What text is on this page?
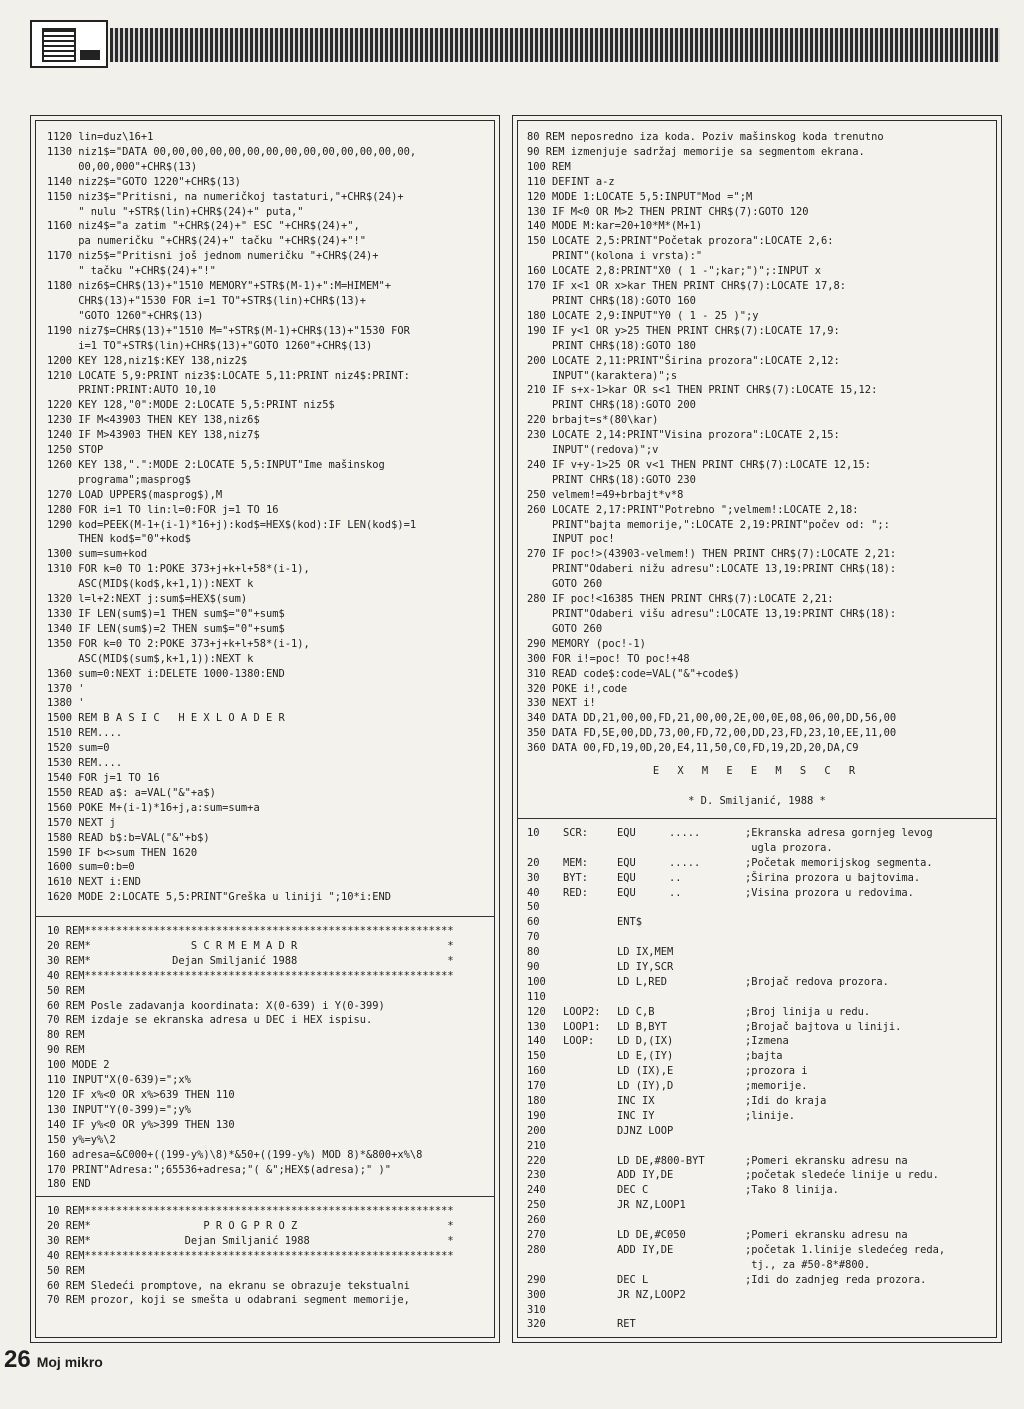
1120 lin=duz\16+1
1130 niz1$="DATA 00,00,00,00,00,00,00,00,00,00,00,00,00,00,
00,00,000"+CHR$(13)
1140 niz2$="GOTO 1220"+CHR$(13)
1150 niz3$="Pritisni, na numeričkoj tastaturi,"+CHR$(24)+
" nulu "+STR$(lin)+CHR$(24)+" puta,"
1160 niz4$="a zatim "+CHR$(24)+" ESC "+CHR$(24)+",
pa numeričku "+CHR$(24)+" tačku "+CHR$(24)+"!"
1170 niz5$="Pritisni još jednom numeričku "+CHR$(24)+
" tačku "+CHR$(24)+"!"
1180 niz6$=CHR$(13)+"1510 MEMORY"+STR$(M-1)+":M=HIMEM"+
CHR$(13)+"1530 FOR i=1 TO"+STR$(lin)+CHR$(13)+
"GOTO 1260"+CHR$(13)
1190 niz7$=CHR$(13)+"1510 M="+STR$(M-1)+CHR$(13)+"1530 FOR
i=1 TO"+STR$(lin)+CHR$(13)+"GOTO 1260"+CHR$(13)
1200 KEY 128,niz1$:KEY 138,niz2$
1210 LOCATE 5,9:PRINT niz3$:LOCATE 5,11:PRINT niz4$:PRINT:
PRINT:PRINT:AUTO 10,10
1220 KEY 128,"0":MODE 2:LOCATE 5,5:PRINT niz5$
1230 IF M<43903 THEN KEY 138,niz6$
1240 IF M>43903 THEN KEY 138,niz7$
1250 STOP
1260 KEY 138,".":MODE 2:LOCATE 5,5:INPUT"Ime mašinskog
programa";masprog$
1270 LOAD UPPER$(masprog$),M
1280 FOR i=1 TO lin:l=0:FOR j=1 TO 16
1290 kod=PEEK(M-1+(i-1)*16+j):kod$=HEX$(kod):IF LEN(kod$)=1
THEN kod$="0"+kod$
1300 sum=sum+kod
1310 FOR k=0 TO 1:POKE 373+j+k+l+58*(i-1),
ASC(MID$(kod$,k+1,1)):NEXT k
1320 l=l+2:NEXT j:sum$=HEX$(sum)
1330 IF LEN(sum$)=1 THEN sum$="0"+sum$
1340 IF LEN(sum$)=2 THEN sum$="0"+sum$
1350 FOR k=0 TO 2:POKE 373+j+k+l+58*(i-1),
ASC(MID$(sum$,k+1,1)):NEXT k
1360 sum=0:NEXT i:DELETE 1000-1380:END
1370 '
1380 '
1500 REM B A S I C   H E X L O A D E R
1510 REM....
1520 sum=0
1530 REM....
1540 FOR j=1 TO 16
1550 READ a$: a=VAL("&"+a$)
1560 POKE M+(i-1)*16+j,a:sum=sum+a
1570 NEXT j
1580 READ b$:b=VAL("&"+b$)
1590 IF b<>sum THEN 1620
1600 sum=0:b=0
1610 NEXT i:END
1620 MODE 2:LOCATE 5,5:PRINT"Greška u liniji ";10*i:END
10 REM***********************************************************
20 REM*                S C R M E M A D R                        *
30 REM*             Dejan Smiljanić 1988                        *
40 REM***********************************************************
50 REM
60 REM Posle zadavanja koordinata: X(0-639) i Y(0-399)
70 REM izdaje se ekranska adresa u DEC i HEX ispisu.
80 REM
90 REM
100 MODE 2
110 INPUT"X(0-639)=";x%
120 IF x%<0 OR x%>639 THEN 110
130 INPUT"Y(0-399)=";y%
140 IF y%<0 OR y%>399 THEN 130
150 y%=y%\2
160 adresa=&C000+((199-y%)\8)*&50+((199-y%) MOD 8)*&800+x%\8
170 PRINT"Adresa:";65536+adresa;"( &";HEX$(adresa);" )"
180 END
10 REM***********************************************************
20 REM*                  P R O G P R O Z                        *
30 REM*               Dejan Smiljanić 1988                      *
40 REM***********************************************************
50 REM
60 REM Sledeći promptove, na ekranu se obrazuje tekstualni
70 REM prozor, koji se smešta u odabrani segment memorije,
80 REM neposredno iza koda. Poziv mašinskog koda trenutno
90 REM izmenjuje sadržaj memorije sa segmentom ekrana.
100 REM
110 DEFINT a-z
120 MODE 1:LOCATE 5,5:INPUT"Mod =";M
130 IF M<0 OR M>2 THEN PRINT CHR$(7):GOTO 120
140 MODE M:kar=20+10*M*(M+1)
150 LOCATE 2,5:PRINT"Početak prozora":LOCATE 2,6:
PRINT"(kolona i vrsta):"
160 LOCATE 2,8:PRINT"X0 ( 1 -";kar;")";:INPUT x
170 IF x<1 OR x>kar THEN PRINT CHR$(7):LOCATE 17,8:
PRINT CHR$(18):GOTO 160
180 LOCATE 2,9:INPUT"Y0 ( 1 - 25 )";y
190 IF y<1 OR y>25 THEN PRINT CHR$(7):LOCATE 17,9:
PRINT CHR$(18):GOTO 180
200 LOCATE 2,11:PRINT"Širina prozora":LOCATE 2,12:
INPUT"(karaktera)";s
210 IF s+x-1>kar OR s<1 THEN PRINT CHR$(7):LOCATE 15,12:
PRINT CHR$(18):GOTO 200
220 brbajt=s*(80\kar)
230 LOCATE 2,14:PRINT"Visina prozora":LOCATE 2,15:
INPUT"(redova)";v
240 IF v+y-1>25 OR v<1 THEN PRINT CHR$(7):LOCATE 12,15:
PRINT CHR$(18):GOTO 230
250 velmem!=49+brbajt*v*8
260 LOCATE 2,17:PRINT"Potrebno ";velmem!:LOCATE 2,18:
PRINT"bajta memorije,":LOCATE 2,19:PRINT"počev od: ";:
INPUT poc!
270 IF poc!>(43903-velmem!) THEN PRINT CHR$(7):LOCATE 2,21:
PRINT"Odaberi nižu adresu":LOCATE 13,19:PRINT CHR$(18):
GOTO 260
280 IF poc!<16385 THEN PRINT CHR$(7):LOCATE 2,21:
PRINT"Odaberi višu adresu":LOCATE 13,19:PRINT CHR$(18):
GOTO 260
290 MEMORY (poc!-1)
300 FOR i!=poc! TO poc!+48
310 READ code$:code=VAL("&"+code$)
320 POKE i!,code
330 NEXT i!
340 DATA DD,21,00,00,FD,21,00,00,2E,00,0E,08,06,00,DD,56,00
350 DATA FD,5E,00,DD,73,00,FD,72,00,DD,23,FD,23,10,EE,11,00
360 DATA 00,FD,19,0D,20,E4,11,50,C0,FD,19,2D,20,DA,C9
E X M E E M S C R
* D. Smiljanić, 1988 *
10 SCR:	EQU	.....	;Ekranska adresa gornjeg levog
ugla prozora.
20 MEM:	EQU	.....	;Početak memorijskog segmenta.
30 BYT:	EQU	..	;Širina prozora u bajtovima.
40 RED:	EQU	..	;Visina prozora u redovima.
50
60	ENT$
70
80	LD IX,MEM
90	LD IY,SCR
100	LD L,RED	;Brojač redova prozora.
110
120 LOOP2: LD C,B	;Broj linija u redu.
130 LOOP1: LD B,BYT	;Brojač bajtova u liniji.
140 LOOP: LD D,(IX)	;Izmena
150	LD E,(IY)	;bajta
160	LD (IX),E	;prozora i
170	LD (IY),D	;memorije.
180	INC IX	;Idi do kraja
190	INC IY	;linije.
200	DJNZ LOOP
210
220	LD DE,#800-BYT	;Pomeri ekransku adresu na
230	ADD IY,DE	;početak sledeće linije u redu.
240	DEC C	;Tako 8 linija.
250	JR NZ,LOOP1
260
270	LD DE,#C050	;Pomeri ekransku adresu na
280	ADD IY,DE	;početak 1.linije sledećeg reda,
tj., za #50-8*#800.
290	DEC L	;Idi do zadnjeg reda prozora.
300	JR NZ,LOOP2
310
320	RET
26 Moj mikro
